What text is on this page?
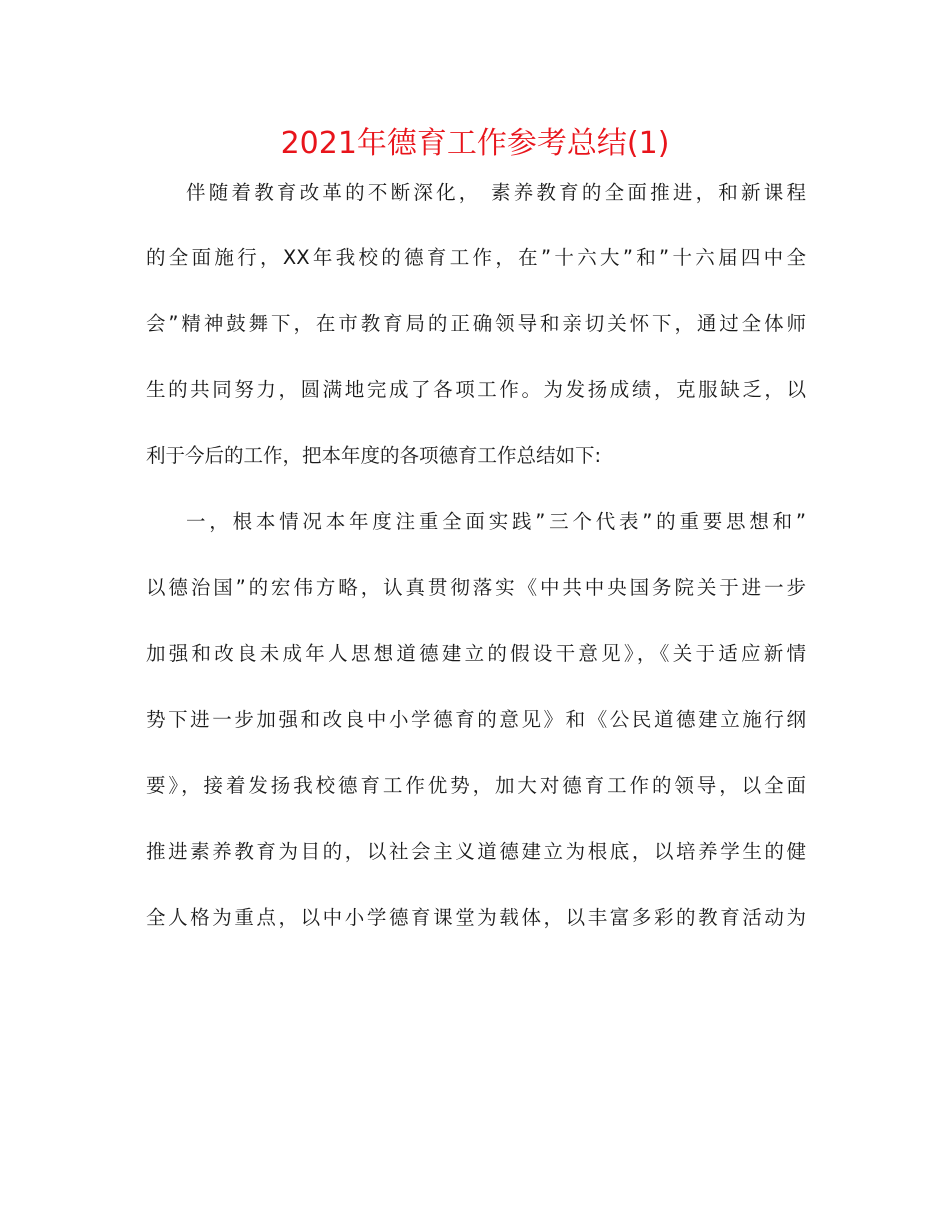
2021年德育工作参考总结(1)
伴随着教育改革的不断深化， 素养教育的全面推进，和新课程
的全面施行，XX年我校的德育工作，在”十六大”和”十六届四中全
会”精神鼓舞下，在市教育局的正确领导和亲切关怀下，通过全体师
生的共同努力，圆满地完成了各项工作。为发扬成绩，克服缺乏，以
利于今后的工作，把本年度的各项德育工作总结如下:
一，根本情况本年度注重全面实践”三个代表”的重要思想和”
以德治国”的宏伟方略，认真贯彻落实《中共中央国务院关于进一步
加强和改良未成年人思想道德建立的假设干意见》，《关于适应新情
势下进一步加强和改良中小学德育的意见》和《公民道德建立施行纲
要》，接着发扬我校德育工作优势，加大对德育工作的领导，以全面
推进素养教育为目的，以社会主义道德建立为根底，以培养学生的健
全人格为重点，以中小学德育课堂为载体，以丰富多彩的教育活动为
